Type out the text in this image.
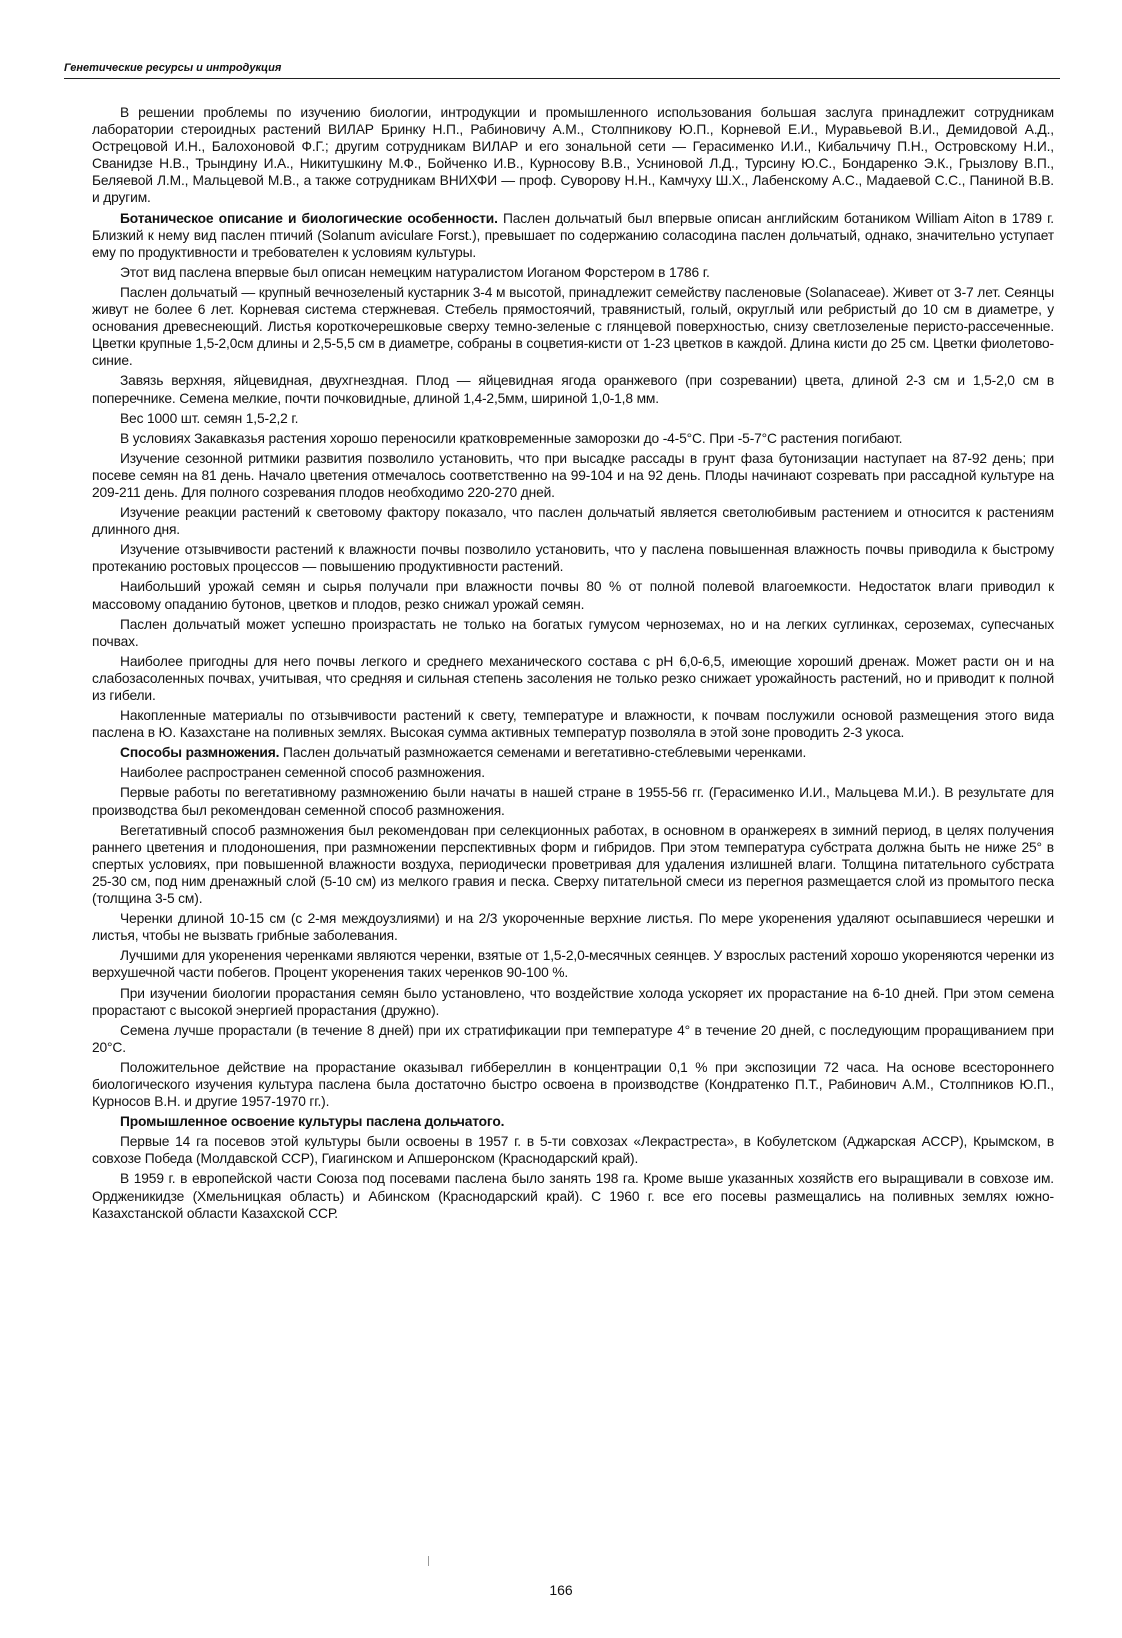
Генетические ресурсы и интродукция

В решении проблемы по изучению биологии, интродукции и промышленного использования большая заслуга принадлежит сотрудникам лаборатории стероидных растений ВИЛАР Бринку Н.П., Рабиновичу А.М., Столпникову Ю.П., Корневой Е.И., Муравьевой В.И., Демидовой А.Д., Острецовой И.Н., Балохоновой Ф.Г.; другим сотрудникам ВИЛАР и его зональной сети — Герасименко И.И., Кибальчичу П.Н., Островскому Н.И., Сванидзе Н.В., Трындину И.А., Никитушкину М.Ф., Бойченко И.В., Курносову В.В., Усниновой Л.Д., Турсину Ю.С., Бондаренко Э.К., Грызлову В.П., Беляевой Л.М., Мальцевой М.В., а также сотрудникам ВНИХФИ — проф. Суворову Н.Н., Камчуху Ш.Х., Лабенскому А.С., Мадаевой С.С., Паниной В.В. и другим.

Ботаническое описание и биологические особенности. Паслен дольчатый был впервые описан английским ботаником William Aiton в 1789 г. Близкий к нему вид паслен птичий (Solanum aviculare Forst.), превышает по содержанию соласодина паслен дольчатый, однако, значительно уступает ему по продуктивности и требователен к условиям культуры.

Этот вид паслена впервые был описан немецким натуралистом Иоганом Форстером в 1786 г.

Паслен дольчатый — крупный вечнозеленый кустарник 3-4 м высотой, принадлежит семейству пасленовые (Solanaceae). Живет от 3-7 лет. Сеянцы живут не более 6 лет. Корневая система стержневая. Стебель прямостоячий, травянистый, голый, округлый или ребристый до 10 см в диаметре, у основания древеснеющий. Листья короткочерешковые сверху темно-зеленые с глянцевой поверхностью, снизу светлозеленые перисто-рассеченные. Цветки крупные 1,5-2,0см длины и 2,5-5,5 см в диаметре, собраны в соцветия-кисти от 1-23 цветков в каждой. Длина кисти до 25 см. Цветки фиолетово-синие.

Завязь верхняя, яйцевидная, двухгнездная. Плод — яйцевидная ягода оранжевого (при созревании) цвета, длиной 2-3 см и 1,5-2,0 см в поперечнике. Семена мелкие, почти почковидные, длиной 1,4-2,5мм, шириной 1,0-1,8 мм.

Вес 1000 шт. семян 1,5-2,2 г.

В условиях Закавказья растения хорошо переносили кратковременные заморозки до -4-5°С. При -5-7°С растения погибают.

Изучение сезонной ритмики развития позволило установить, что при высадке рассады в грунт фаза бутонизации наступает на 87-92 день; при посеве семян на 81 день. Начало цветения отмечалось соответственно на 99-104 и на 92 день. Плоды начинают созревать при рассадной культуре на 209-211 день. Для полного созревания плодов необходимо 220-270 дней.

Изучение реакции растений к световому фактору показало, что паслен дольчатый является светолюбивым растением и относится к растениям длинного дня.

Изучение отзывчивости растений к влажности почвы позволило установить, что у паслена повышенная влажность почвы приводила к быстрому протеканию ростовых процессов — повышению продуктивности растений.

Наибольший урожай семян и сырья получали при влажности почвы 80 % от полной полевой влагоемкости. Недостаток влаги приводил к массовому опаданию бутонов, цветков и плодов, резко снижал урожай семян.

Паслен дольчатый может успешно произрастать не только на богатых гумусом черноземах, но и на легких суглинках, сероземах, супесчаных почвах.

Наиболее пригодны для него почвы легкого и среднего механического состава с рН 6,0-6,5, имеющие хороший дренаж. Может расти он и на слабозасоленных почвах, учитывая, что средняя и сильная степень засоления не только резко снижает урожайность растений, но и приводит к полной из гибели.

Накопленные материалы по отзывчивости растений к свету, температуре и влажности, к почвам послужили основой размещения этого вида паслена в Ю. Казахстане на поливных землях. Высокая сумма активных температур позволяла в этой зоне проводить 2-3 укоса.

Способы размножения. Паслен дольчатый размножается семенами и вегетативно-стеблевыми черенками.

Наиболее распространен семенной способ размножения.

Первые работы по вегетативному размножению были начаты в нашей стране в 1955-56 гг. (Герасименко И.И., Мальцева М.И.). В результате для производства был рекомендован семенной способ размножения.

Вегетативный способ размножения был рекомендован при селекционных работах, в основном в оранжереях в зимний период, в целях получения раннего цветения и плодоношения, при размножении перспективных форм и гибридов. При этом температура субстрата должна быть не ниже 25° в спертых условиях, при повышенной влажности воздуха, периодически проветривая для удаления излишней влаги. Толщина питательного субстрата 25-30 см, под ним дренажный слой (5-10 см) из мелкого гравия и песка. Сверху питательной смеси из перегноя размещается слой из промытого песка (толщина 3-5 см).

Черенки длиной 10-15 см (с 2-мя междоузлиями) и на 2/3 укороченные верхние листья. По мере укоренения удаляют осыпавшиеся черешки и листья, чтобы не вызвать грибные заболевания.

Лучшими для укоренения черенками являются черенки, взятые от 1,5-2,0-месячных сеянцев. У взрослых растений хорошо укореняются черенки из верхушечной части побегов. Процент укоренения таких черенков 90-100 %.

При изучении биологии прорастания семян было установлено, что воздействие холода ускоряет их прорастание на 6-10 дней. При этом семена прорастают с высокой энергией прорастания (дружно).

Семена лучше прорастали (в течение 8 дней) при их стратификации при температуре 4° в течение 20 дней, с последующим проращиванием при 20°С.

Положительное действие на прорастание оказывал гиббереллин в концентрации 0,1 % при экспозиции 72 часа. На основе всестороннего биологического изучения культура паслена была достаточно быстро освоена в производстве (Кондратенко П.Т., Рабинович А.М., Столпников Ю.П., Курносов В.Н. и другие 1957-1970 гг.).

Промышленное освоение культуры паслена дольчатого.

Первые 14 га посевов этой культуры были освоены в 1957 г. в 5-ти совхозах «Лекрастреста», в Кобулетском (Аджарская АССР), Крымском, в совхозе Победа (Молдавской ССР), Гиагинском и Апшеронском (Краснодарский край).

В 1959 г. в европейской части Союза под посевами паслена было занять 198 га. Кроме выше указанных хозяйств его выращивали в совхозе им. Ордженикидзе (Хмельницкая область) и Абинском (Краснодарский край). С 1960 г. все его посевы размещались на поливных землях южно-Казахстанской области Казахской ССР.

166
